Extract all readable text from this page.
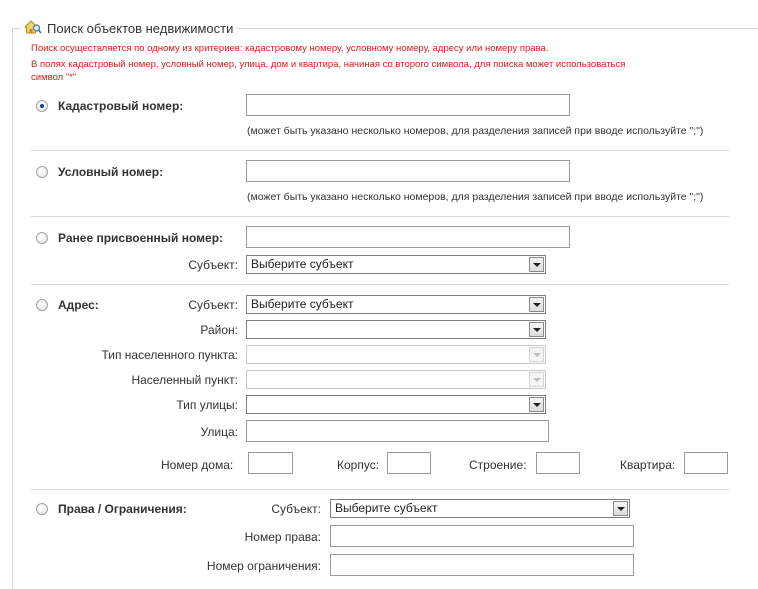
Поиск объектов недвижимости
Поиск осуществляется по одному из критериев: кадастровому номеру, условному номеру, адресу или номеру права.
В полях кадастровый номер, условный номер, улица, дом и квартира, начиная со второго символа, для поиска может использоваться
символ "*"
Кадастровый номер:
(может быть указано несколько номеров, для разделения записей при вводе используйте ";")
Условный номер:
(может быть указано несколько номеров, для разделения записей при вводе используйте ";")
Ранее присвоенный номер:
Субъект:	Выберите субъект
Адрес:	Субъект:	Выберите субъект
Район:
Тип населенного пункта:
Населенный пункт:
Тип улицы:
Улица:
Номер дома:	Корпус:	Строение:	Квартира:
Права / Ограничения:	Субъект:	Выберите субъект
Номер права:
Номер ограничения:
